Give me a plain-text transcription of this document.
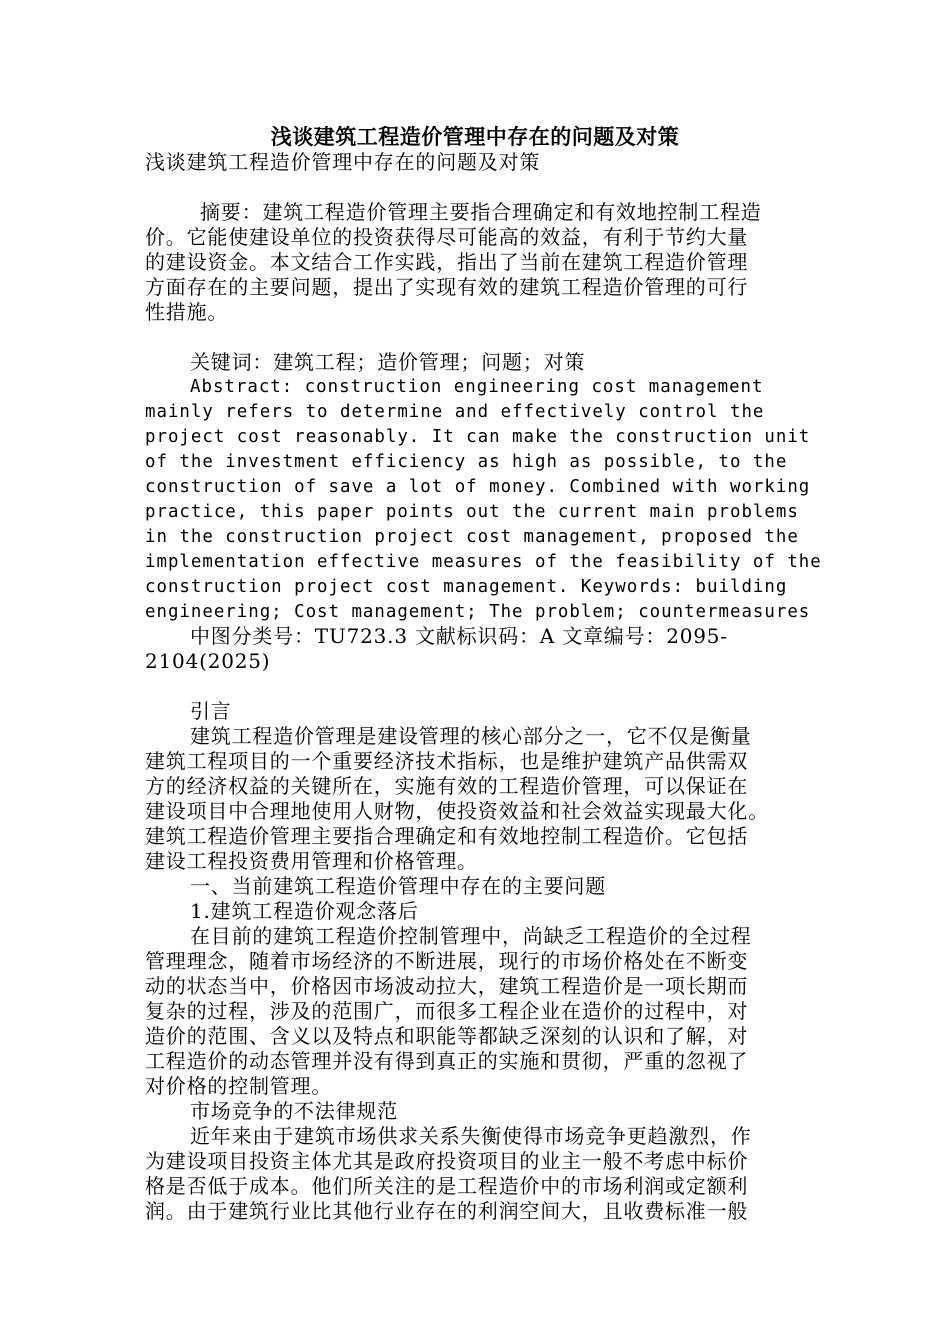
浅谈建筑工程造价管理中存在的问题及对策
浅谈建筑工程造价管理中存在的问题及对策
摘要：建筑工程造价管理主要指合理确定和有效地控制工程造
价。它能使建设单位的投资获得尽可能高的效益，有利于节约大量
的建设资金。本文结合工作实践，指出了当前在建筑工程造价管理
方面存在的主要问题，提出了实现有效的建筑工程造价管理的可行
性措施。
关键词：建筑工程；造价管理；问题；对策
Abstract: construction engineering cost management
mainly refers to determine and effectively control the
project cost reasonably. It can make the construction unit
of the investment efficiency as high as possible, to the
construction of save a lot of money. Combined with working
practice, this paper points out the current main problems
in the construction project cost management, proposed the
implementation effective measures of the feasibility of the
construction project cost management. Keywords: building
engineering; Cost management; The problem; countermeasures
中图分类号：TU723.3 文献标识码：A 文章编号：2095-
2104(2025)
引言
建筑工程造价管理是建设管理的核心部分之一，它不仅是衡量
建筑工程项目的一个重要经济技术指标，也是维护建筑产品供需双
方的经济权益的关键所在，实施有效的工程造价管理，可以保证在
建设项目中合理地使用人财物，使投资效益和社会效益实现最大化。
建筑工程造价管理主要指合理确定和有效地控制工程造价。它包括
建设工程投资费用管理和价格管理。
一、当前建筑工程造价管理中存在的主要问题
1.建筑工程造价观念落后
在目前的建筑工程造价控制管理中，尚缺乏工程造价的全过程
管理理念，随着市场经济的不断进展，现行的市场价格处在不断变
动的状态当中，价格因市场波动拉大，建筑工程造价是一项长期而
复杂的过程，涉及的范围广，而很多工程企业在造价的过程中，对
造价的范围、含义以及特点和职能等都缺乏深刻的认识和了解，对
工程造价的动态管理并没有得到真正的实施和贯彻，严重的忽视了
对价格的控制管理。
市场竞争的不法律规范
近年来由于建筑市场供求关系失衡使得市场竞争更趋激烈，作
为建设项目投资主体尤其是政府投资项目的业主一般不考虑中标价
格是否低于成本。他们所关注的是工程造价中的市场利润或定额利
润。由于建筑行业比其他行业存在的利润空间大，且收费标准一般
